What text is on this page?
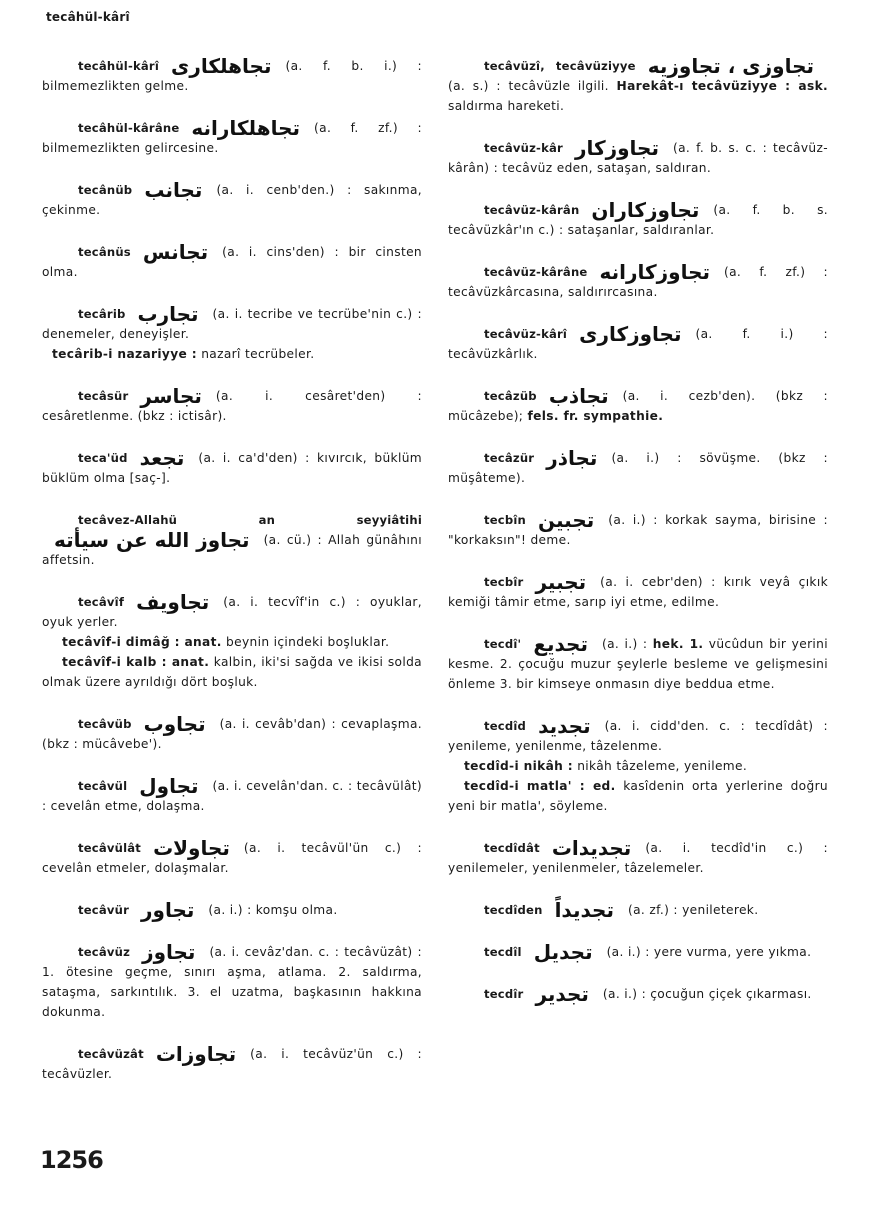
tecâhül-kârî
tecâhül-kârî تجاهلکاری (a. f. b. i.) : bilmemezlikten gelme.
tecâhül-kârâne تجاهلکارانه (a. f. zf.) : bilmemezlikten gelircesine.
tecânüb تجانب (a. i. cenb'den.) : sakınma, çekinme.
tecânüs تجانس (a. i. cins'den) : bir cinsten olma.
tecârib تجارب (a. i. tecribe ve tecrübe'nin c.) : denemeler, deneyişler.
tecârib-i nazariyye : nazarî tecrübeler.
tecâsür تجاسر (a. i. cesâret'den) : cesâretlenme. (bkz : ictisâr).
teca'üd تجعد (a. i. ca'd'den) : kıvırcık, büklüm büklüm olma [saç-].
tecâvez-Allahü an seyyiâtihiتجاوز الله عن سيأته (a. cü.) : Allah günâhını affetsin.
tecâvîf تجاويف (a. i. tecvîf'in c.) : oyuklar, oyuk yerler.
tecâvîf-i dimâğ : anat. beynin içindeki boşluklar.
tecâvîf-i kalb : anat. kalbin, iki'si sağda ve ikisi solda olmak üzere ayrıldığı dört boşluk.
tecâvüb تجاوب (a. i. cevâb'dan) : cevaplaşma. (bkz : mücâvebe').
tecâvül تجاول (a. i. cevelân'dan. c. : tecâvülât) : cevelân etme, dolaşma.
tecâvülât تجاولات (a. i. tecâvül'ün c.) : cevelân etmeler, dolaşmalar.
tecâvür تجاور (a. i.) : komşu olma.
tecâvüz تجاوز (a. i. cevâz'dan. c. : tecâvüzât) : 1. ötesine geçme, sınırı aşma, atlama. 2. saldırma, sataşma, sarkıntılık. 3. el uzatma, başkasının hakkına dokunma.
tecâvüzât تجاوزات (a. i. tecâvüz'ün c.) : tecâvüzler.
tecâvüzî, tecâvüziyye تجاوزی ، تجاوزيه(a. s.) : tecâvüzle ilgili. Harekât-ı tecâvüziyye : ask. saldırma hareketi.
tecâvüz-kâr تجاوزكار (a. f. b. s. c. : tecâvüz-kârân) : tecâvüz eden, sataşan, saldıran.
tecâvüz-kârân تجاوزكاران (a. f. b. s. tecâvüzkâr'ın c.) : sataşanlar, saldıranlar.
tecâvüz-kârâne تجاوزكارانه (a. f. zf.) : tecâvüzkârcasına, saldırırcasına.
tecâvüz-kârî تجاوزكارى (a. f. i.) : tecâvüzkârlık.
tecâzüb تجاذب (a. i. cezb'den). (bkz : mücâzebe); fels. fr. sympathie.
tecâzür تجاذر (a. i.) : sövüşme. (bkz : müşâteme).
tecbîn تجبين (a. i.) : korkak sayma, birisine : "korkaksın"! deme.
tecbîr تجبير (a. i. cebr'den) : kırık veyâ çıkık kemiği tâmir etme, sarıp iyi etme, edilme.
tecdî' تجديع (a. i.) : hek. 1. vücûdun bir yerini kesme. 2. çocuğu muzur şeylerle besleme ve gelişmesini önleme 3. bir kimseye onmasın diye beddua etme.
tecdîd تجديد (a. i. cidd'den. c. : tecdîdât) : yenileme, yenilenme, tâzelenme.
tecdîd-i nikâh : nikâh tâzeleme, yenileme.
tecdîd-i matla' : ed. kasîdenin orta yerlerine doğru yeni bir matla', söyleme.
tecdîdât تجديدات (a. i. tecdîd'in c.) : yenilemeler, yenilenmeler, tâzelemeler.
tecdîden تجديداً (a. zf.) : yenileterek.
tecdîl تجديل (a. i.) : yere vurma, yere yıkma.
tecdîr تجدير (a. i.) : çocuğun çiçek çıkarması.
1256
